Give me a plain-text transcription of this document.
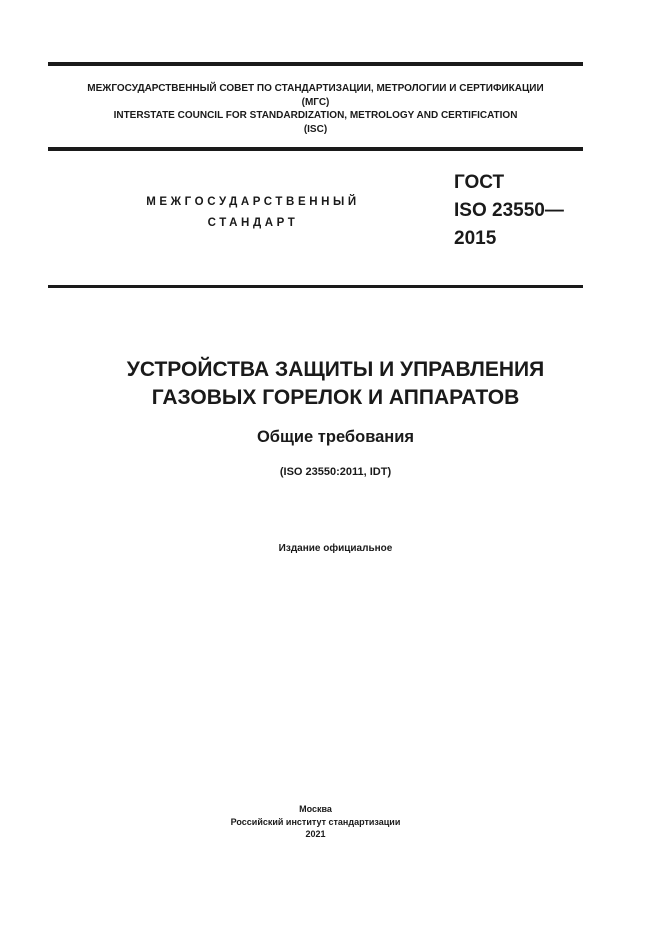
МЕЖГОСУДАРСТВЕННЫЙ СОВЕТ ПО СТАНДАРТИЗАЦИИ, МЕТРОЛОГИИ И СЕРТИФИКАЦИИ
(МГС)
INTERSTATE COUNCIL FOR STANDARDIZATION, METROLOGY AND CERTIFICATION
(ISC)
МЕЖГОСУДАРСТВЕННЫЙ
СТАНДАРТ
ГОСТ
ISO 23550—
2015
УСТРОЙСТВА ЗАЩИТЫ И УПРАВЛЕНИЯ
ГАЗОВЫХ ГОРЕЛОК И АППАРАТОВ
Общие требования
(ISO 23550:2011, IDT)
Издание официальное
Москва
Российский институт стандартизации
2021
